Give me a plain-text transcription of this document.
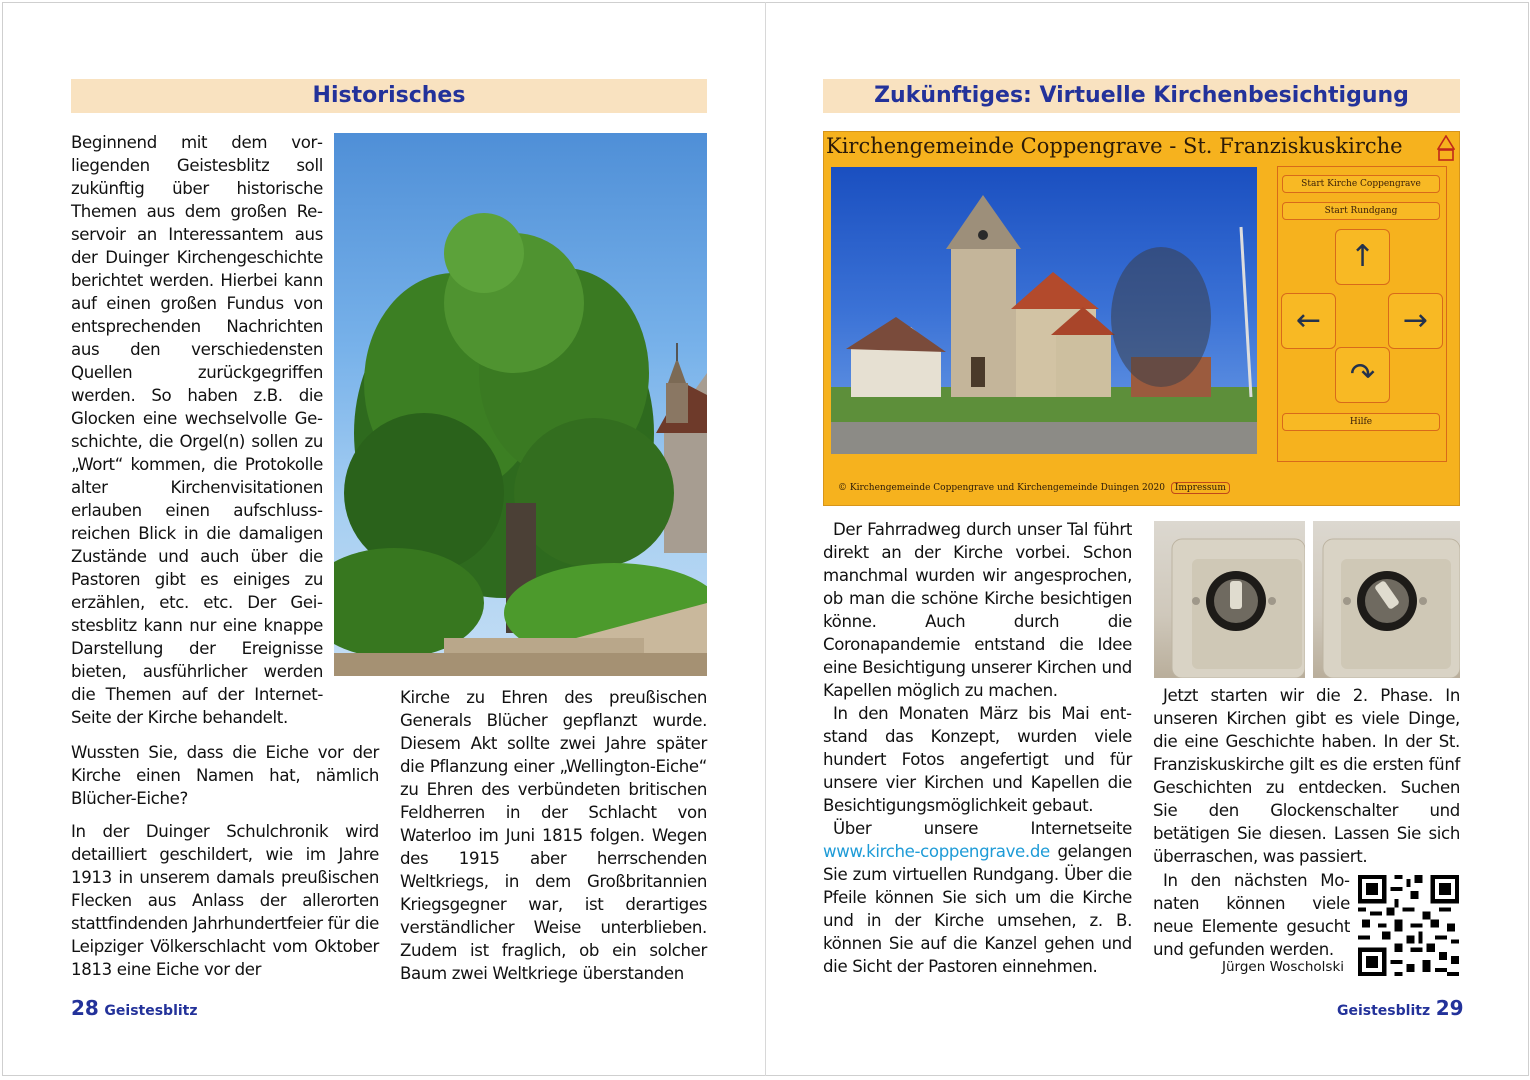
Historisches

Beginnend mit dem vorliegenden Geistesblitz soll zukünftig über historische Themen aus dem großen Reservoir an Interessantem aus der Duinger Kirchengeschichte berichtet werden. Hierbei kann auf einen großen Fundus von entsprechenden Nachrichten aus den verschiedensten Quellen zurückgegriffen werden. So haben z.B. die Glocken eine wechselvolle Geschichte, die Orgel(n) sollen zu „Wort“ kommen, die Protokolle alter Kirchenvisitationen erlauben einen aufschlussreichen Blick in die damaligen Zustände und auch über die Pastoren gibt es einiges zu erzählen, etc. etc. Der Geistesblitz kann nur eine knappe Darstellung der Ereignisse bieten, ausführlicher werden die Themen auf der Internet-Seite der Kirche behandelt.

Wussten Sie, dass die Eiche vor der Kirche einen Namen hat, nämlich Blücher-Eiche?

In der Duinger Schulchronik wird detailliert geschildert, wie im Jahre 1913 in unserem damals preußischen Flecken aus Anlass der allerorten stattfindenden Jahrhundertfeier für die Leipziger Völkerschlacht vom Oktober 1813 eine Eiche vor der

Kirche zu Ehren des preußischen Generals Blücher gepflanzt wurde. Diesem Akt sollte zwei Jahre später die Pflanzung einer „Wellington-Eiche“ zu Ehren des verbündeten britischen Feldherren in der Schlacht von Waterloo im Juni 1815 folgen. Wegen des 1915 aber herrschenden Weltkriegs, in dem Großbritannien Kriegsgegner war, ist derartiges verständlicher Weise unterblieben. Zudem ist fraglich, ob ein solcher Baum zwei Weltkriege überstanden

28 Geistesblitz
Zukünftiges: Virtuelle Kirchenbesichtigung
Kirchengemeinde Coppengrave - St. Franziskuskirche
Start Kirche Coppengrave
Start Rundgang
↑
←	→
↷
Hilfe
© Kirchengemeinde Coppengrave und Kirchengemeinde Duingen 2020 Impressum

Der Fahrradweg durch unser Tal führt direkt an der Kirche vorbei. Schon manchmal wurden wir angesprochen, ob man die schöne Kirche besichtigen könne. Auch durch die Coronapandemie entstand die Idee eine Besichtigung unserer Kirchen und Kapellen möglich zu machen.

In den Monaten März bis Mai entstand das Konzept, wurden viele hundert Fotos angefertigt und für unsere vier Kirchen und Kapellen die Besichtigungsmöglichkeit gebaut.

Über unsere Internetseite www.kirche-coppengrave.de gelangen Sie zum virtuellen Rundgang. Über die Pfeile können Sie sich um die Kirche und in der Kirche umsehen, z. B. können Sie auf die Kanzel gehen und die Sicht der Pastoren einnehmen.

Jetzt starten wir die 2. Phase. In unseren Kirchen gibt es viele Dinge, die eine Geschichte haben. In der St. Franziskuskirche gilt es die ersten fünf Geschichten zu entdecken. Suchen Sie den Glockenschalter und betätigen Sie diesen. Lassen Sie sich überraschen, was passiert.

In den nächsten Monaten können viele neue Elemente gesucht und gefunden werden.

Jürgen Woscholski
Geistesblitz 29
